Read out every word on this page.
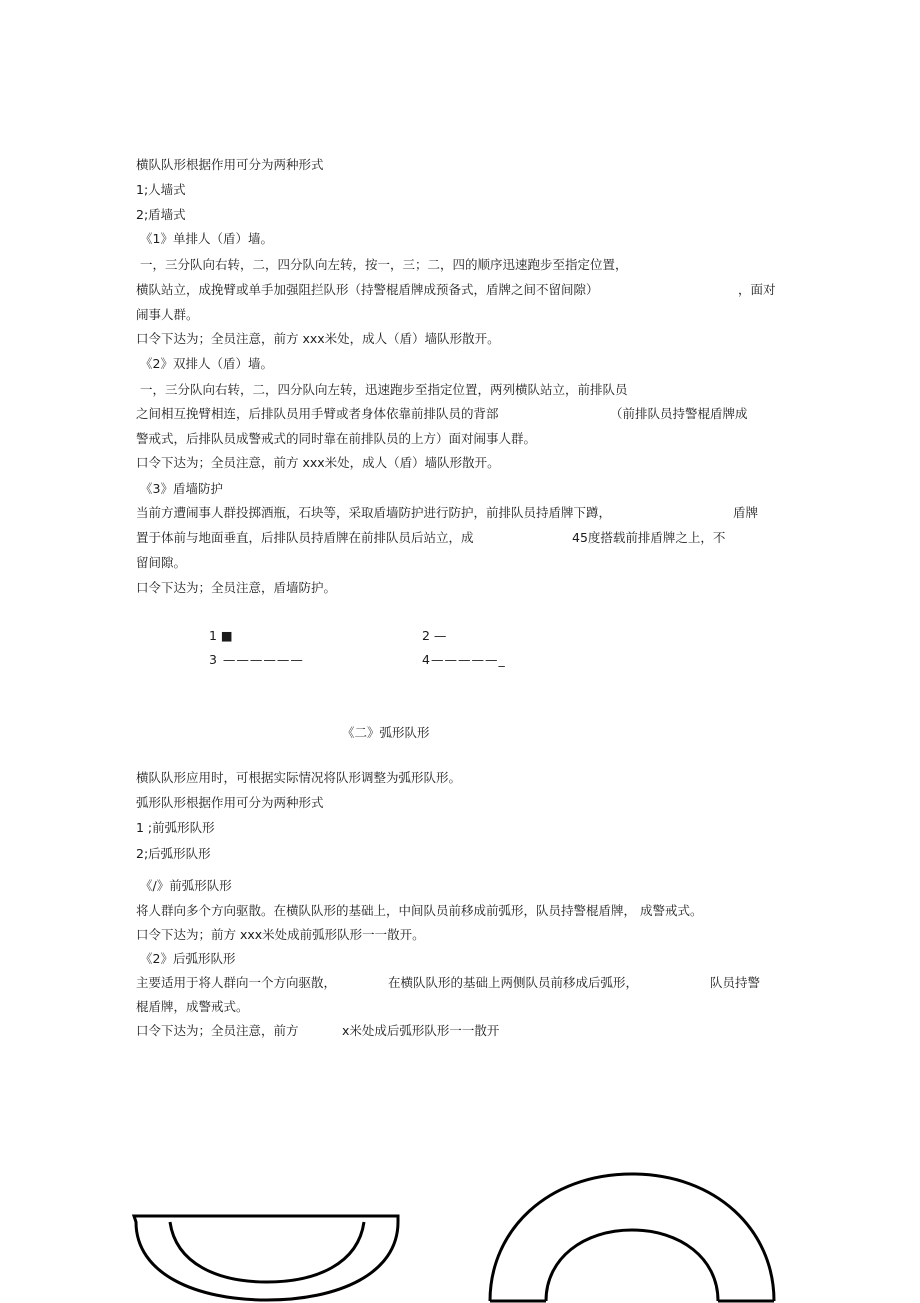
横队队形根据作用可分为两种形式
1;人墙式
2;盾墙式
《1》单排人（盾）墙。
一，三分队向右转，二，四分队向左转，按一，三；二，四的顺序迅速跑步至指定位置，
横队站立，成挽臂或单手加强阻拦队形（持警棍盾牌成预备式，盾牌之间不留间隙）	，面对
闹事人群。
口令下达为；全员注意，前方 xxx米处，成人（盾）墙队形散开。
《2》双排人（盾）墙。
一，三分队向右转，二，四分队向左转，迅速跑步至指定位置，两列横队站立，前排队员
之间相互挽臂相连，后排队员用手臂或者身体依靠前排队员的背部	（前排队员持警棍盾牌成
警戒式，后排队员成警戒式的同时靠在前排队员的上方）面对闹事人群。
口令下达为；全员注意，前方 xxx米处，成人（盾）墙队形散开。
《3》盾墙防护
当前方遭闹事人群投掷酒瓶，石块等，采取盾墙防护进行防护，前排队员持盾牌下蹲，	盾牌
置于体前与地面垂直，后排队员持盾牌在前排队员后站立，成	45度搭载前排盾牌之上，不
留间隙。
口令下达为；全员注意，盾墙防护。
1 ■	2 —
3 ——————	4—————_
《二》弧形队形
横队队形应用时，可根据实际情况将队形调整为弧形队形。
弧形队形根据作用可分为两种形式
1 ;前弧形队形
2;后弧形队形
《/》前弧形队形
将人群向多个方向驱散。在横队队形的基础上，中间队员前移成前弧形，队员持警棍盾牌， 成警戒式。
口令下达为；前方 xxx米处成前弧形队形一一散开。
《2》后弧形队形
主要适用于将人群向一个方向驱散，	在横队队形的基础上两侧队员前移成后弧形，	队员持警
棍盾牌，成警戒式。
口令下达为；全员注意，前方	x米处成后弧形队形一一散开
